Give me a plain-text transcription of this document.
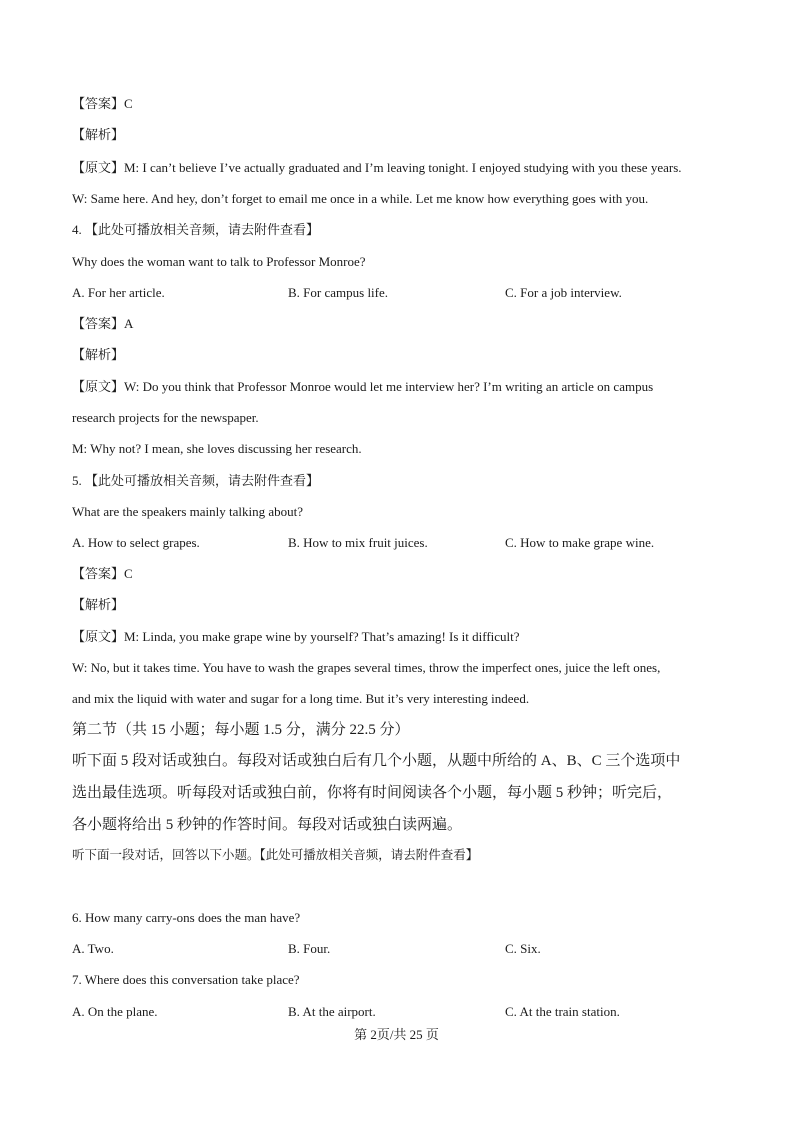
【答案】C
【解析】
【原文】M: I can’t believe I’ve actually graduated and I’m leaving tonight. I enjoyed studying with you these years.
W: Same here. And hey, don’t forget to email me once in a while. Let me know how everything goes with you.
4. 【此处可播放相关音频，请去附件查看】
Why does the woman want to talk to Professor Monroe?
A. For her article.	B. For campus life.	C. For a job interview.
【答案】A
【解析】
【原文】W: Do you think that Professor Monroe would let me interview her? I’m writing an article on campus
research projects for the newspaper.
M: Why not? I mean, she loves discussing her research.
5. 【此处可播放相关音频，请去附件查看】
What are the speakers mainly talking about?
A. How to select grapes.	B. How to mix fruit juices.	C. How to make grape wine.
【答案】C
【解析】
【原文】M: Linda, you make grape wine by yourself? That’s amazing! Is it difficult?
W: No, but it takes time. You have to wash the grapes several times, throw the imperfect ones, juice the left ones,
and mix the liquid with water and sugar for a long time. But it’s very interesting indeed.
第二节（共 15 小题；每小题 1.5 分，满分 22.5 分）
听下面 5 段对话或独白。每段对话或独白后有几个小题，从题中所给的 A、B、C 三个选项中
选出最佳选项。听每段对话或独白前，你将有时间阅读各个小题，每小题 5 秒钟；听完后，
各小题将给出 5 秒钟的作答时间。每段对话或独白读两遍。
听下面一段对话，回答以下小题。【此处可播放相关音频，请去附件查看】
6. How many carry-ons does the man have?
A. Two.	B. Four.	C. Six.
7. Where does this conversation take place?
A. On the plane.	B. At the airport.	C. At the train station.
第 2页/共 25 页
